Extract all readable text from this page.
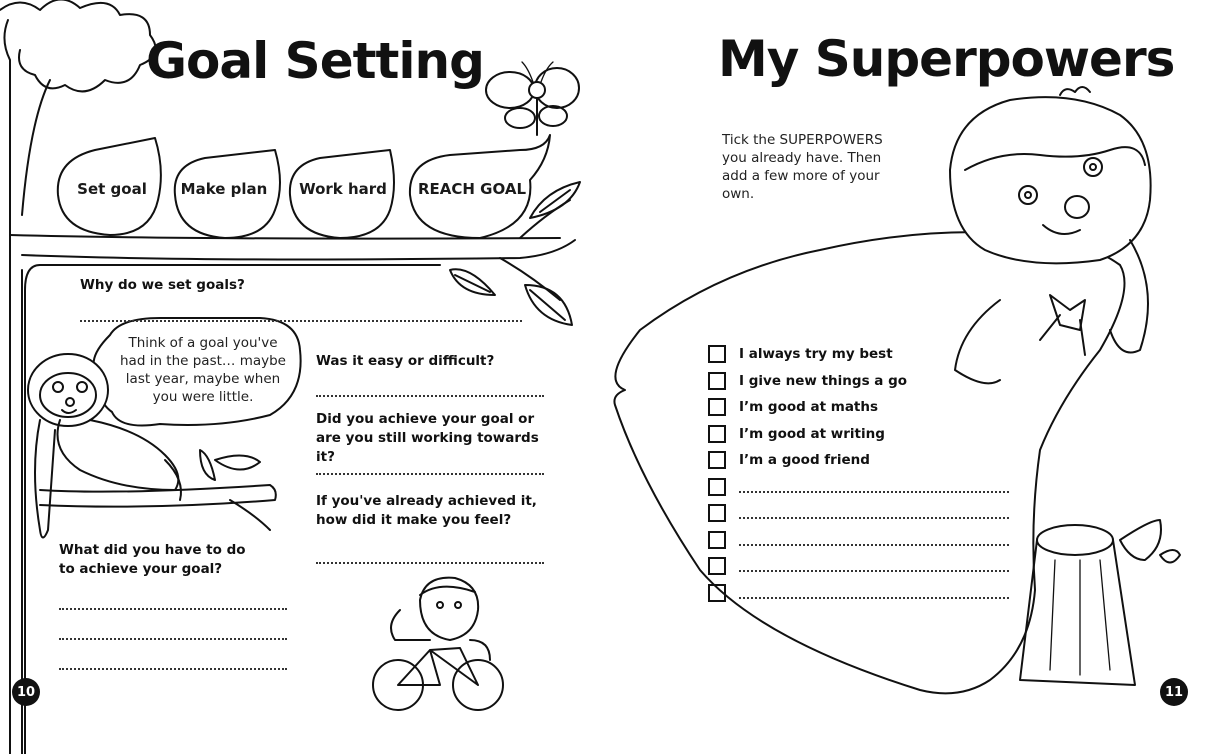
Goal Setting
Set goal	Make plan	Work hard	REACH GOAL
Why do we set goals?
Think of a goal you've had in the past… maybe last year, maybe when you were little.
Was it easy or difficult?
Did you achieve your goal or are you still working towards it?
If you've already achieved it, how did it make you feel?
What did you have to do to achieve your goal?
10
My Superpowers
Tick the SUPERPOWERS you already have. Then add a few more of your own.
I always try my best
I give new things a go
I’m good at maths
I’m good at writing
I’m a good friend
11
